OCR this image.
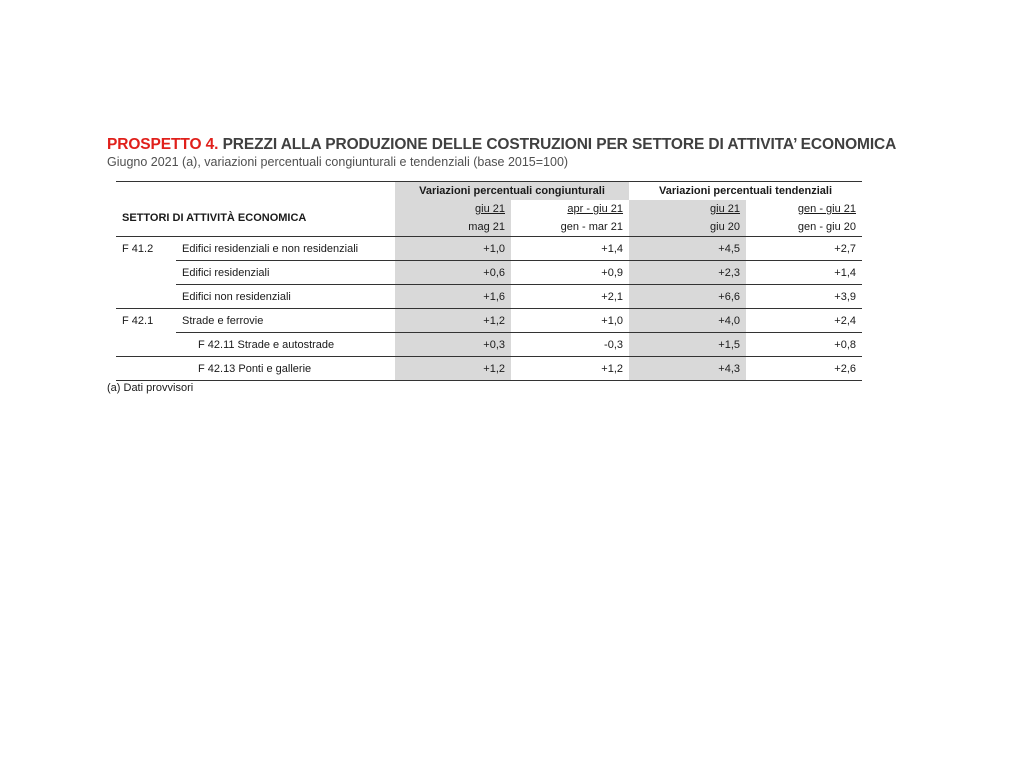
PROSPETTO 4. PREZZI ALLA PRODUZIONE DELLE COSTRUZIONI PER SETTORE DI ATTIVITA’ ECONOMICA
Giugno 2021 (a), variazioni percentuali congiunturali e tendenziali (base 2015=100)
		Variazioni percentuali congiunturali		Variazioni percentuali tendenziali	
SETTORI DI ATTIVITÀ ECONOMICA		giu 21	apr - giu 21	giu 21	gen - giu 21
		mag 21	gen - mar 21	giu 20	gen - giu 20
F 41.2	Edifici residenziali e non residenziali	+1,0	+1,4	+4,5	+2,7
	Edifici residenziali	+0,6	+0,9	+2,3	+1,4
	Edifici non residenziali	+1,6	+2,1	+6,6	+3,9
F 42.1	Strade e ferrovie	+1,2	+1,0	+4,0	+2,4
	F 42.11 Strade e autostrade	+0,3	-0,3	+1,5	+0,8
	F 42.13 Ponti e gallerie	+1,2	+1,2	+4,3	+2,6
(a) Dati provvisori
